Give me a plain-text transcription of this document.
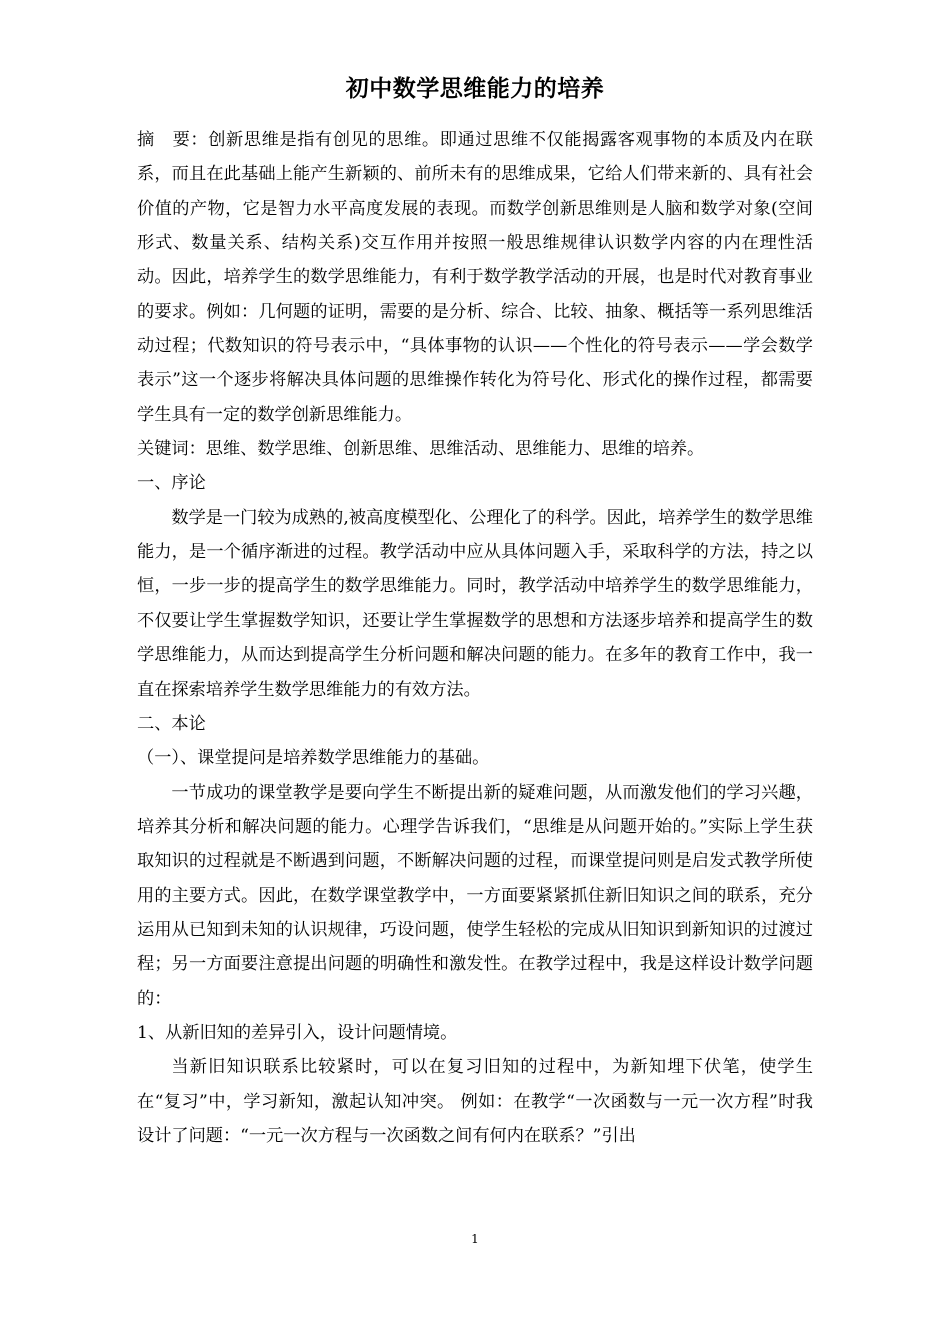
初中数学思维能力的培养

摘　要：创新思维是指有创见的思维。即通过思维不仅能揭露客观事物的本质及内在联系，而且在此基础上能产生新颖的、前所未有的思维成果，它给人们带来新的、具有社会价值的产物，它是智力水平高度发展的表现。而数学创新思维则是人脑和数学对象(空间形式、数量关系、结构关系)交互作用并按照一般思维规律认识数学内容的内在理性活动。因此，培养学生的数学思维能力，有利于数学教学活动的开展，也是时代对教育事业的要求。例如：几何题的证明，需要的是分析、综合、比较、抽象、概括等一系列思维活动过程；代数知识的符号表示中，“具体事物的认识——个性化的符号表示——学会数学表示”这一个逐步将解决具体问题的思维操作转化为符号化、形式化的操作过程，都需要学生具有一定的数学创新思维能力。

关键词：思维、数学思维、创新思维、思维活动、思维能力、思维的培养。

一、序论

数学是一门较为成熟的,被高度模型化、公理化了的科学。因此，培养学生的数学思维能力，是一个循序渐进的过程。教学活动中应从具体问题入手，采取科学的方法，持之以恒，一步一步的提高学生的数学思维能力。同时，教学活动中培养学生的数学思维能力，不仅要让学生掌握数学知识，还要让学生掌握数学的思想和方法逐步培养和提高学生的数学思维能力，从而达到提高学生分析问题和解决问题的能力。在多年的教育工作中，我一直在探索培养学生数学思维能力的有效方法。

二、本论

（一）、课堂提问是培养数学思维能力的基础。

一节成功的课堂教学是要向学生不断提出新的疑难问题，从而激发他们的学习兴趣，培养其分析和解决问题的能力。心理学告诉我们，“思维是从问题开始的。”实际上学生获取知识的过程就是不断遇到问题，不断解决问题的过程，而课堂提问则是启发式教学所使用的主要方式。因此，在数学课堂教学中，一方面要紧紧抓住新旧知识之间的联系，充分运用从已知到未知的认识规律，巧设问题，使学生轻松的完成从旧知识到新知识的过渡过程；另一方面要注意提出问题的明确性和激发性。在教学过程中，我是这样设计数学问题的：

1、从新旧知的差异引入，设计问题情境。

当新旧知识联系比较紧时，可以在复习旧知的过程中，为新知埋下伏笔，使学生在“复习”中，学习新知，激起认知冲突。 例如：在教学“一次函数与一元一次方程”时我设计了问题：“一元一次方程与一次函数之间有何内在联系？”引出

1
